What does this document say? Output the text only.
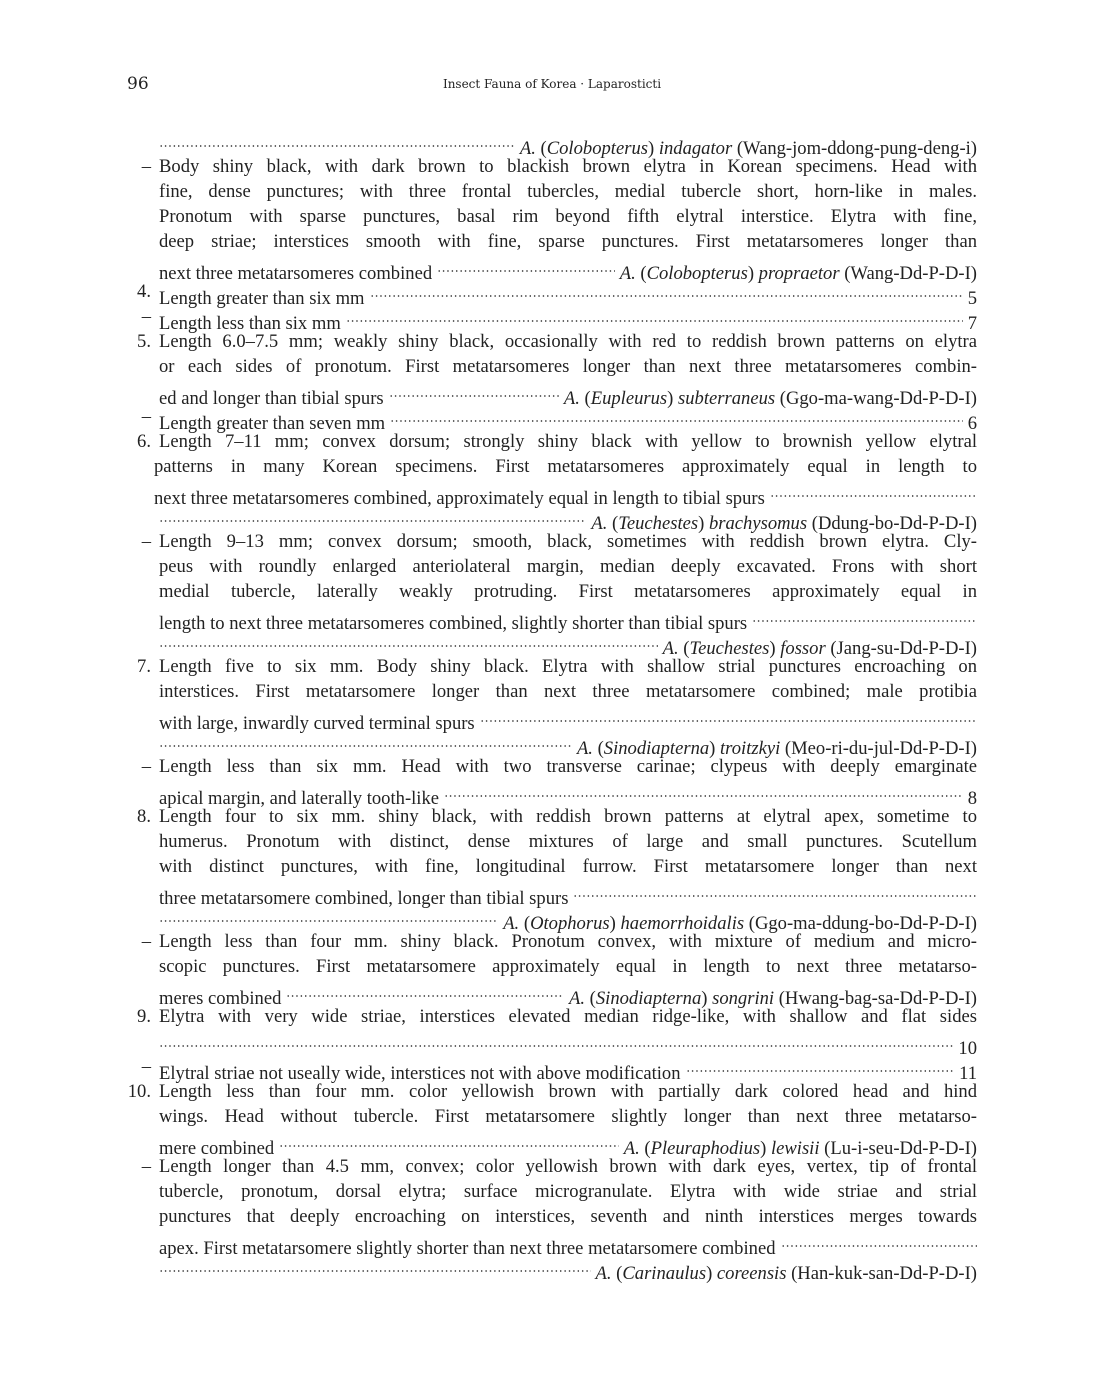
96	Insect Fauna of Korea · Laparosticti
A. (Colobopterus) indagator (Wang-jom-ddong-pung-deng-i)
– Body shiny black, with dark brown to blackish brown elytra in Korean specimens. Head with
fine, dense punctures; with three frontal tubercles, medial tubercle short, horn-like in males.
Pronotum with sparse punctures, basal rim beyond fifth elytral interstice. Elytra with fine,
deep striae; interstices smooth with fine, sparse punctures. First metatarsomeres longer than
next three metatarsomeres combined	A. (Colobopterus) propraetor (Wang-Dd-P-D-I)
4. Length greater than six mm	5
– Length less than six mm	7
5. Length 6.0–7.5 mm; weakly shiny black, occasionally with red to reddish brown patterns on elytra
or each sides of pronotum. First metatarsomeres longer than next three metatarsomeres combin-
ed and longer than tibial spurs	A. (Eupleurus) subterraneus (Ggo-ma-wang-Dd-P-D-I)
– Length greater than seven mm	6
6. Length 7–11 mm; convex dorsum; strongly shiny black with yellow to brownish yellow elytral
patterns in many Korean specimens. First metatarsomeres approximately equal in length to
next three metatarsomeres combined, approximately equal in length to tibial spurs
A. (Teuchestes) brachysomus (Ddung-bo-Dd-P-D-I)
– Length 9–13 mm; convex dorsum; smooth, black, sometimes with reddish brown elytra. Cly-
peus with roundly enlarged anteriolateral margin, median deeply excavated. Frons with short
medial tubercle, laterally weakly protruding. First metatarsomeres approximately equal in
length to next three metatarsomeres combined, slightly shorter than tibial spurs
A. (Teuchestes) fossor (Jang-su-Dd-P-D-I)
7. Length five to six mm. Body shiny black. Elytra with shallow strial punctures encroaching on
interstices. First metatarsomere longer than next three metatarsomere combined; male protibia
with large, inwardly curved terminal spurs
A. (Sinodiapterna) troitzkyi (Meo-ri-du-jul-Dd-P-D-I)
– Length less than six mm. Head with two transverse carinae; clypeus with deeply emarginate
apical margin, and laterally tooth-like	8
8. Length four to six mm. shiny black, with reddish brown patterns at elytral apex, sometime to
humerus. Pronotum with distinct, dense mixtures of large and small punctures. Scutellum
with distinct punctures, with fine, longitudinal furrow. First metatarsomere longer than next
three metatarsomere combined, longer than tibial spurs
A. (Otophorus) haemorrhoidalis (Ggo-ma-ddung-bo-Dd-P-D-I)
– Length less than four mm. shiny black. Pronotum convex, with mixture of medium and micro-
scopic punctures. First metatarsomere approximately equal in length to next three metatarso-
meres combined	A. (Sinodiapterna) songrini (Hwang-bag-sa-Dd-P-D-I)
9. Elytra with very wide striae, interstices elevated median ridge-like, with shallow and flat sides
10
– Elytral striae not useally wide, interstices not with above modification	11
10. Length less than four mm. color yellowish brown with partially dark colored head and hind
wings. Head without tubercle. First metatarsomere slightly longer than next three metatarso-
mere combined	A. (Pleuraphodius) lewisii (Lu-i-seu-Dd-P-D-I)
– Length longer than 4.5 mm, convex; color yellowish brown with dark eyes, vertex, tip of frontal
tubercle, pronotum, dorsal elytra; surface microgranulate. Elytra with wide striae and strial
punctures that deeply encroaching on interstices, seventh and ninth interstices merges towards
apex. First metatarsomere slightly shorter than next three metatarsomere combined
A. (Carinaulus) coreensis (Han-kuk-san-Dd-P-D-I)
